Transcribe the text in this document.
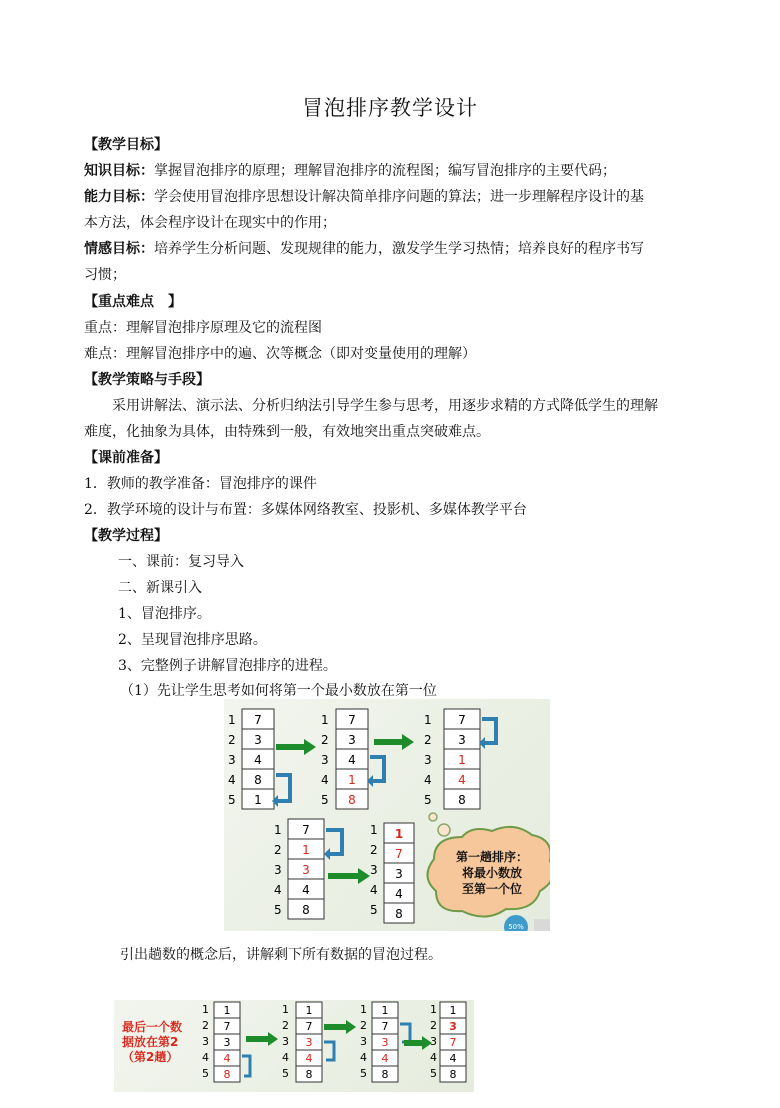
冒泡排序教学设计
【教学目标】
知识目标：掌握冒泡排序的原理；理解冒泡排序的流程图；编写冒泡排序的主要代码；
能力目标：学会使用冒泡排序思想设计解决简单排序问题的算法；进一步理解程序设计的基
本方法，体会程序设计在现实中的作用；
情感目标：培养学生分析问题、发现规律的能力，激发学生学习热情；培养良好的程序书写
习惯；
【重点难点　】
重点：理解冒泡排序原理及它的流程图
难点：理解冒泡排序中的遍、次等概念（即对变量使用的理解）
【教学策略与手段】
采用讲解法、演示法、分析归纳法引导学生参与思考，用逐步求精的方式降低学生的理解
难度，化抽象为具体，由特殊到一般，有效地突出重点突破难点。
【课前准备】
1．教师的教学准备：冒泡排序的课件
2．教学环境的设计与布置：多媒体网络教室、投影机、多媒体教学平台
【教学过程】
一、课前：复习导入
二、新课引入
1、冒泡排序。
2、呈现冒泡排序思路。
3、完整例子讲解冒泡排序的进程。
（1）先让学生思考如何将第一个最小数放在第一位
1
2
3
4
5
7
3
4
8
1
1
2
3
4
5
7
3
4
1
8
1
2
3
4
5
7
3
1
4
8
1
2
3
4
5
7
1
3
4
8
1
2
3
4
5
1
7
3
4
8
第一趟排序：
将最小数放
至第一个位
50%
引出趟数的概念后，讲解剩下所有数据的冒泡过程。
最后一个数
据放在第2
（第2趟）
1
2
3
4
5
1
7
3
4
8
1
2
3
4
5
1
7
3
4
8
1
2
3
4
5
1
7
3
4
8
1
2
3
4
5
1
3
7
4
8
